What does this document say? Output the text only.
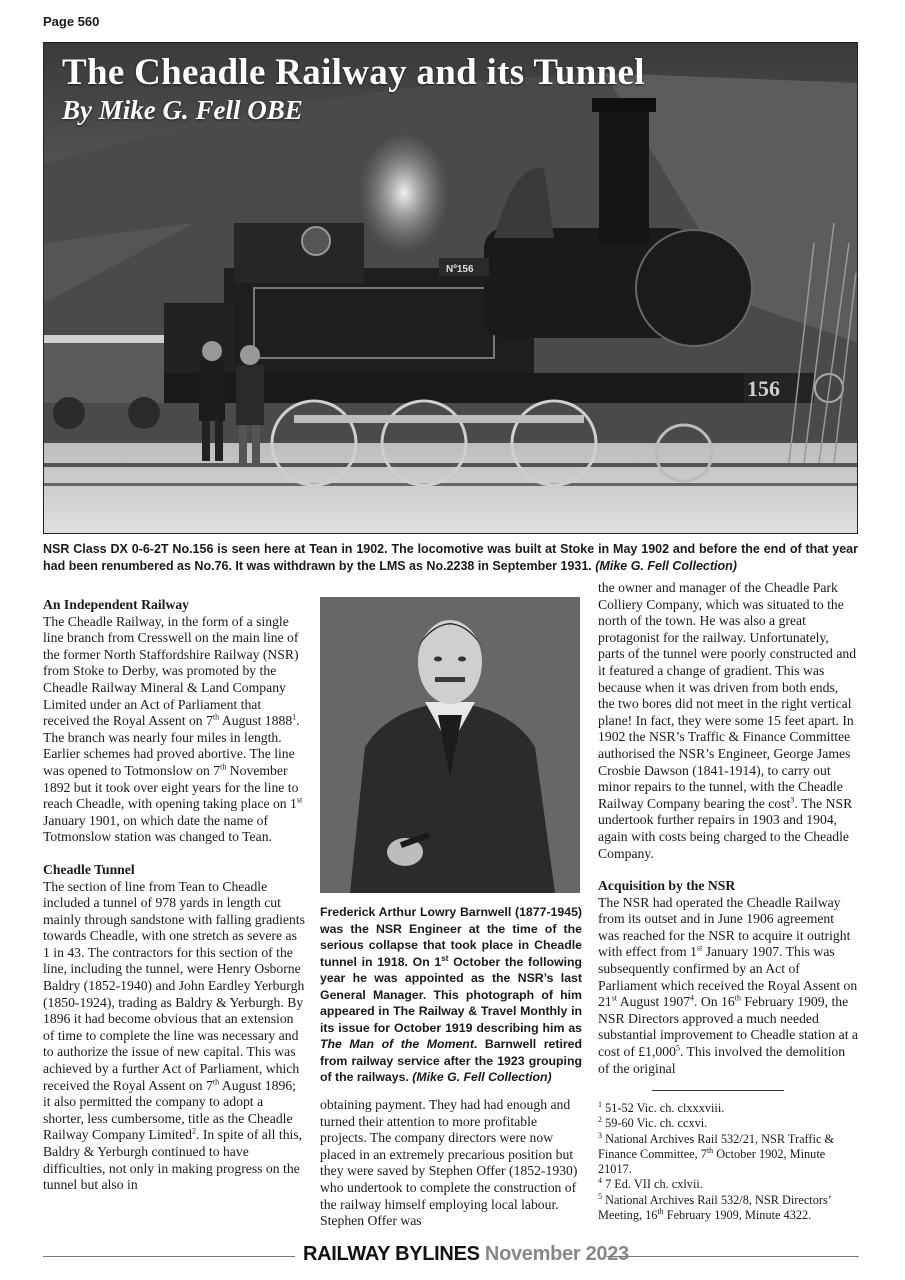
Page 560
Nº156
156
The Cheadle Railway and its Tunnel
By Mike G. Fell OBE
NSR Class DX 0-6-2T No.156 is seen here at Tean in 1902. The locomotive was built at Stoke in May 1902 and before the end of that year had been renumbered as No.76. It was withdrawn by the LMS as No.2238 in September 1931. (Mike G. Fell Collection)
An Independent Railway

The Cheadle Railway, in the form of a single line branch from Cresswell on the main line of the former North Staffordshire Railway (NSR) from Stoke to Derby, was promoted by the Cheadle Railway Mineral & Land Company Limited under an Act of Parliament that received the Royal Assent on 7th August 1888$^1$. The branch was nearly four miles in length. Earlier schemes had proved abortive. The line was opened to Totmonslow on 7th November 1892 but it took over eight years for the line to reach Cheadle, with opening taking place on 1st January 1901, on which date the name of Totmonslow station was changed to Tean.

Cheadle Tunnel

The section of line from Tean to Cheadle included a tunnel of 978 yards in length cut mainly through sandstone with falling gradients towards Cheadle, with one stretch as severe as 1 in 43. The contractors for this section of the line, including the tunnel, were Henry Osborne Baldry (1852-1940) and John Eardley Yerburgh (1850-1924), trading as Baldry & Yerburgh. By 1896 it had become obvious that an extension of time to complete the line was necessary and to authorize the issue of new capital. This was achieved by a further Act of Parliament, which received the Royal Assent on 7th August 1896; it also permitted the company to adopt a shorter, less cumbersome, title as the Cheadle Railway Company Limited$^2$. In spite of all this, Baldry & Yerburgh continued to have difficulties, not only in making progress on the tunnel but also in

Frederick Arthur Lowry Barnwell (1877-1945) was the NSR Engineer at the time of the serious collapse that took place in Cheadle tunnel in 1918. On 1st October the following year he was appointed as the NSR’s last General Manager. This photograph of him appeared in The Railway & Travel Monthly in its issue for October 1919 describing him as The Man of the Moment. Barnwell retired from railway service after the 1923 grouping of the railways. (Mike G. Fell Collection)

obtaining payment. They had had enough and turned their attention to more profitable projects. The company directors were now placed in an extremely precarious position but they were saved by Stephen Offer (1852-1930) who undertook to complete the construction of the railway himself employing local labour. Stephen Offer was

the owner and manager of the Cheadle Park Colliery Company, which was situated to the north of the town. He was also a great protagonist for the railway. Unfortunately, parts of the tunnel were poorly constructed and it featured a change of gradient. This was because when it was driven from both ends, the two bores did not meet in the right vertical plane! In fact, they were some 15 feet apart. In 1902 the NSR’s Traffic & Finance Committee authorised the NSR’s Engineer, George James Crosbie Dawson (1841-1914), to carry out minor repairs to the tunnel, with the Cheadle Railway Company bearing the cost$^3$. The NSR undertook further repairs in 1903 and 1904, again with costs being charged to the Cheadle Company.

Acquisition by the NSR

The NSR had operated the Cheadle Railway from its outset and in June 1906 agreement was reached for the NSR to acquire it outright with effect from 1st January 1907. This was subsequently confirmed by an Act of Parliament which received the Royal Assent on 21st August 1907$^4$. On 16th February 1909, the NSR Directors approved a much needed substantial improvement to Cheadle station at a cost of £1,000$^5$. This involved the demolition of the original

$^1$ 51-52 Vic. ch. clxxxviii.
$^2$ 59-60 Vic. ch. ccxvi.
$^3$ National Archives Rail 532/21, NSR Traffic & Finance Committee, 7th October 1902, Minute 21017.
$^4$ 7 Ed. VII ch. cxlvii.
$^5$ National Archives Rail 532/8, NSR Directors’ Meeting, 16th February 1909, Minute 4322.
RAILWAY BYLINES November 2023
